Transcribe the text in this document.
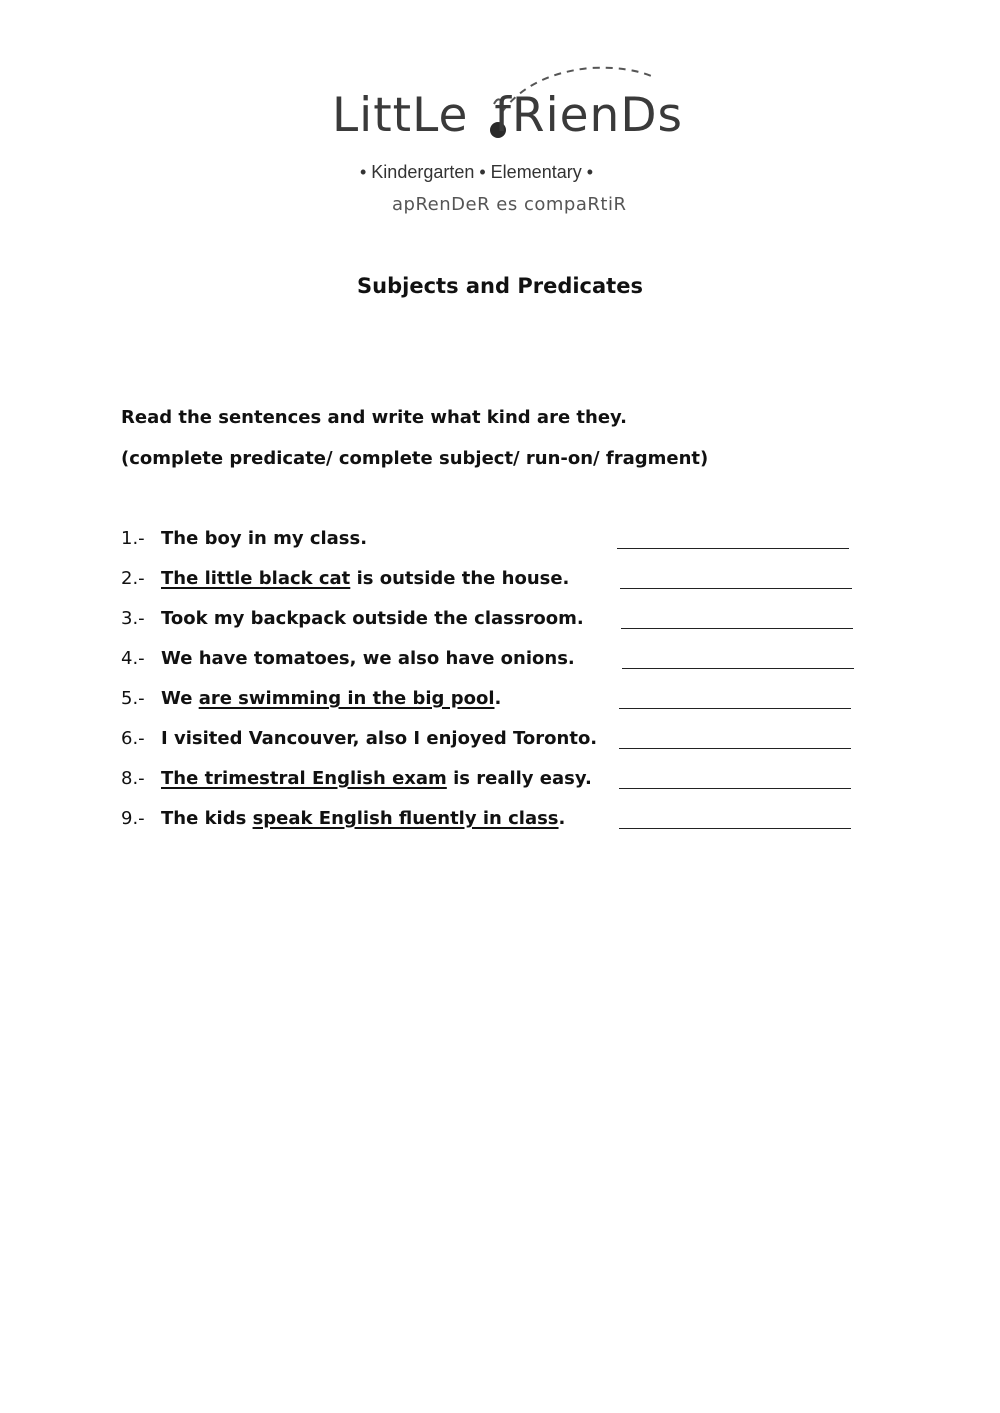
LittLe fRienDs
• Kindergarten • Elementary •
apRenDeR es compaRtiR
Subjects and Predicates
Read the sentences and write what kind are they.
(complete predicate/ complete subject/ run-on/ fragment)
1.- The boy in my class.
2.- The little black cat is outside the house.
3.- Took my backpack outside the classroom.
4.- We have tomatoes, we also have onions.
5.- We are swimming in the big pool.
6.- I visited Vancouver, also I enjoyed Toronto.
8.- The trimestral English exam is really easy.
9.- The kids speak English fluently in class.
